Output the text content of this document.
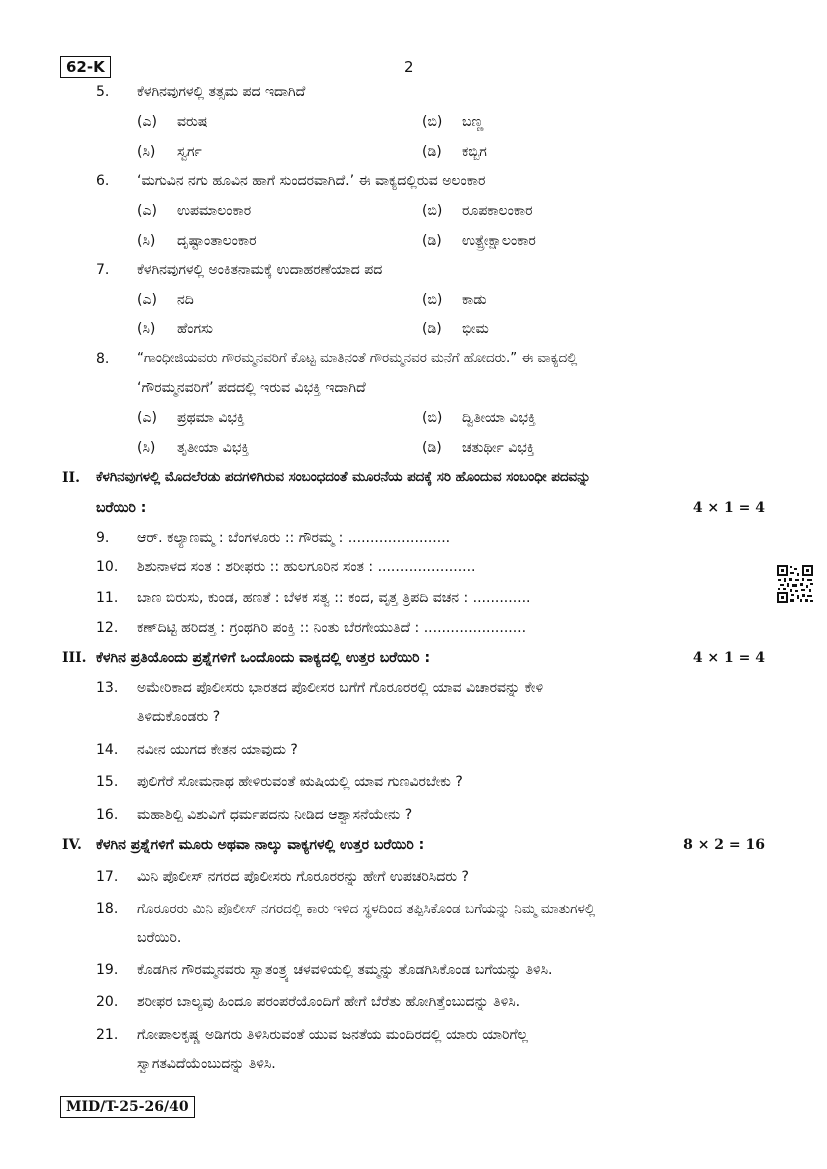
62-K	2
5. ಕೆಳಗಿನವುಗಳಲ್ಲಿ ತತ್ಸಮ ಪದ ಇದಾಗಿದೆ
(ಎ) ವರುಷ	(ಬಿ) ಬಣ್ಣ
(ಸಿ) ಸ್ವರ್ಗ	(ಡಿ) ಕಬ್ಬಿಗ
6. ‘ಮಗುವಿನ ನಗು ಹೂವಿನ ಹಾಗೆ ಸುಂದರವಾಗಿದೆ.’ ಈ ವಾಕ್ಯದಲ್ಲಿರುವ ಅಲಂಕಾರ
(ಎ) ಉಪಮಾಲಂಕಾರ	(ಬಿ) ರೂಪಕಾಲಂಕಾರ
(ಸಿ) ದೃಷ್ಟಾಂತಾಲಂಕಾರ	(ಡಿ) ಉತ್ಪ್ರೇಕ್ಷಾಲಂಕಾರ
7. ಕೆಳಗಿನವುಗಳಲ್ಲಿ ಅಂಕಿತನಾಮಕ್ಕೆ ಉದಾಹರಣೆಯಾದ ಪದ
(ಎ) ನದಿ	(ಬಿ) ಕಾಡು
(ಸಿ) ಹೆಂಗಸು	(ಡಿ) ಭೀಮ
8. “ಗಾಂಧೀಜಿಯವರು ಗೌರಮ್ಮನವರಿಗೆ ಕೊಟ್ಟ ಮಾತಿನಂತೆ ಗೌರಮ್ಮನವರ ಮನೆಗೆ ಹೋದರು.” ಈ ವಾಕ್ಯದಲ್ಲಿ
‘ಗೌರಮ್ಮನವರಿಗೆ’ ಪದದಲ್ಲಿ ಇರುವ ವಿಭಕ್ತಿ ಇದಾಗಿದೆ
(ಎ) ಪ್ರಥಮಾ ವಿಭಕ್ತಿ	(ಬಿ) ದ್ವಿತೀಯಾ ವಿಭಕ್ತಿ
(ಸಿ) ತೃತೀಯಾ ವಿಭಕ್ತಿ	(ಡಿ) ಚತುರ್ಥೀ ವಿಭಕ್ತಿ
II. ಕೆಳಗಿನವುಗಳಲ್ಲಿ ಮೊದಲೆರಡು ಪದಗಳಿಗಿರುವ ಸಂಬಂಧದಂತೆ ಮೂರನೆಯ ಪದಕ್ಕೆ ಸರಿ ಹೊಂದುವ ಸಂಬಂಧೀ ಪದವನ್ನು
ಬರೆಯಿರಿ :	4 × 1 = 4
9. ಆರ್. ಕಲ್ಯಾಣಮ್ಮ : ಬೆಂಗಳೂರು :: ಗೌರಮ್ಮ : .......................
10. ಶಿಶುನಾಳದ ಸಂತ : ಶರೀಫರು :: ಹುಲಗೂರಿನ ಸಂತ : ......................
11. ಬಾಣ ಬಿರುಸು, ಕುಂಡ, ಹಣತೆ : ಬೆಳಕ ಸತ್ವ :: ಕಂದ, ವೃತ್ತ ತ್ರಿಪದಿ ವಚನ : .............
12. ಕಣ್‌ದಿಟ್ಟಿ ಹರಿದತ್ತ : ಗ್ರಂಥಗಿರಿ ಪಂಕ್ತಿ :: ನಿಂತು ಬೆರಗೇಯುತಿದೆ : .......................
III. ಕೆಳಗಿನ ಪ್ರತಿಯೊಂದು ಪ್ರಶ್ನೆಗಳಿಗೆ ಒಂದೊಂದು ವಾಕ್ಯದಲ್ಲಿ ಉತ್ತರ ಬರೆಯಿರಿ :	4 × 1 = 4
13. ಅಮೇರಿಕಾದ ಪೊಲೀಸರು ಭಾರತದ ಪೊಲೀಸರ ಬಗೆಗೆ ಗೊರೂರರಲ್ಲಿ ಯಾವ ವಿಚಾರವನ್ನು ಕೇಳಿ
ತಿಳಿದುಕೊಂಡರು ?
14. ನವೀನ ಯುಗದ ಕೇತನ ಯಾವುದು ?
15. ಪುಲಿಗೆರೆ ಸೋಮನಾಥ ಹೇಳಿರುವಂತೆ ಋಷಿಯಲ್ಲಿ ಯಾವ ಗುಣವಿರಬೇಕು ?
16. ಮಹಾಶಿಲ್ಪಿ ವಿಶುವಿಗೆ ಧರ್ಮಪದನು ನೀಡಿದ ಆಶ್ವಾಸನೆಯೇನು ?
IV. ಕೆಳಗಿನ ಪ್ರಶ್ನೆಗಳಿಗೆ ಮೂರು ಅಥವಾ ನಾಲ್ಕು ವಾಕ್ಯಗಳಲ್ಲಿ ಉತ್ತರ ಬರೆಯಿರಿ :	8 × 2 = 16
17. ಮಿನಿ ಪೊಲೀಸ್ ನಗರದ ಪೊಲೀಸರು ಗೊರೂರರನ್ನು ಹೇಗೆ ಉಪಚರಿಸಿದರು ?
18. ಗೊರೂರರು ಮಿನಿ ಪೊಲೀಸ್ ನಗರದಲ್ಲಿ ಕಾರು ಇಳಿದ ಸ್ಥಳದಿಂದ ತಪ್ಪಿಸಿಕೊಂಡ ಬಗೆಯನ್ನು ನಿಮ್ಮ ಮಾತುಗಳಲ್ಲಿ
ಬರೆಯಿರಿ.
19. ಕೊಡಗಿನ ಗೌರಮ್ಮನವರು ಸ್ವಾತಂತ್ರ್ಯ ಚಳವಳಿಯಲ್ಲಿ ತಮ್ಮನ್ನು ತೊಡಗಿಸಿಕೊಂಡ ಬಗೆಯನ್ನು ತಿಳಿಸಿ.
20. ಶರೀಫರ ಬಾಲ್ಯವು ಹಿಂದೂ ಪರಂಪರೆಯೊಂದಿಗೆ ಹೇಗೆ ಬೆರೆತು ಹೋಗಿತ್ತೆಂಬುದನ್ನು ತಿಳಿಸಿ.
21. ಗೋಪಾಲಕೃಷ್ಣ ಅಡಿಗರು ತಿಳಿಸಿರುವಂತೆ ಯುವ ಜನತೆಯ ಮಂದಿರದಲ್ಲಿ ಯಾರು ಯಾರಿಗೆಲ್ಲ
ಸ್ವಾಗತವಿದೆಯೆಂಬುದನ್ನು ತಿಳಿಸಿ.
MID/T-25-26/40
